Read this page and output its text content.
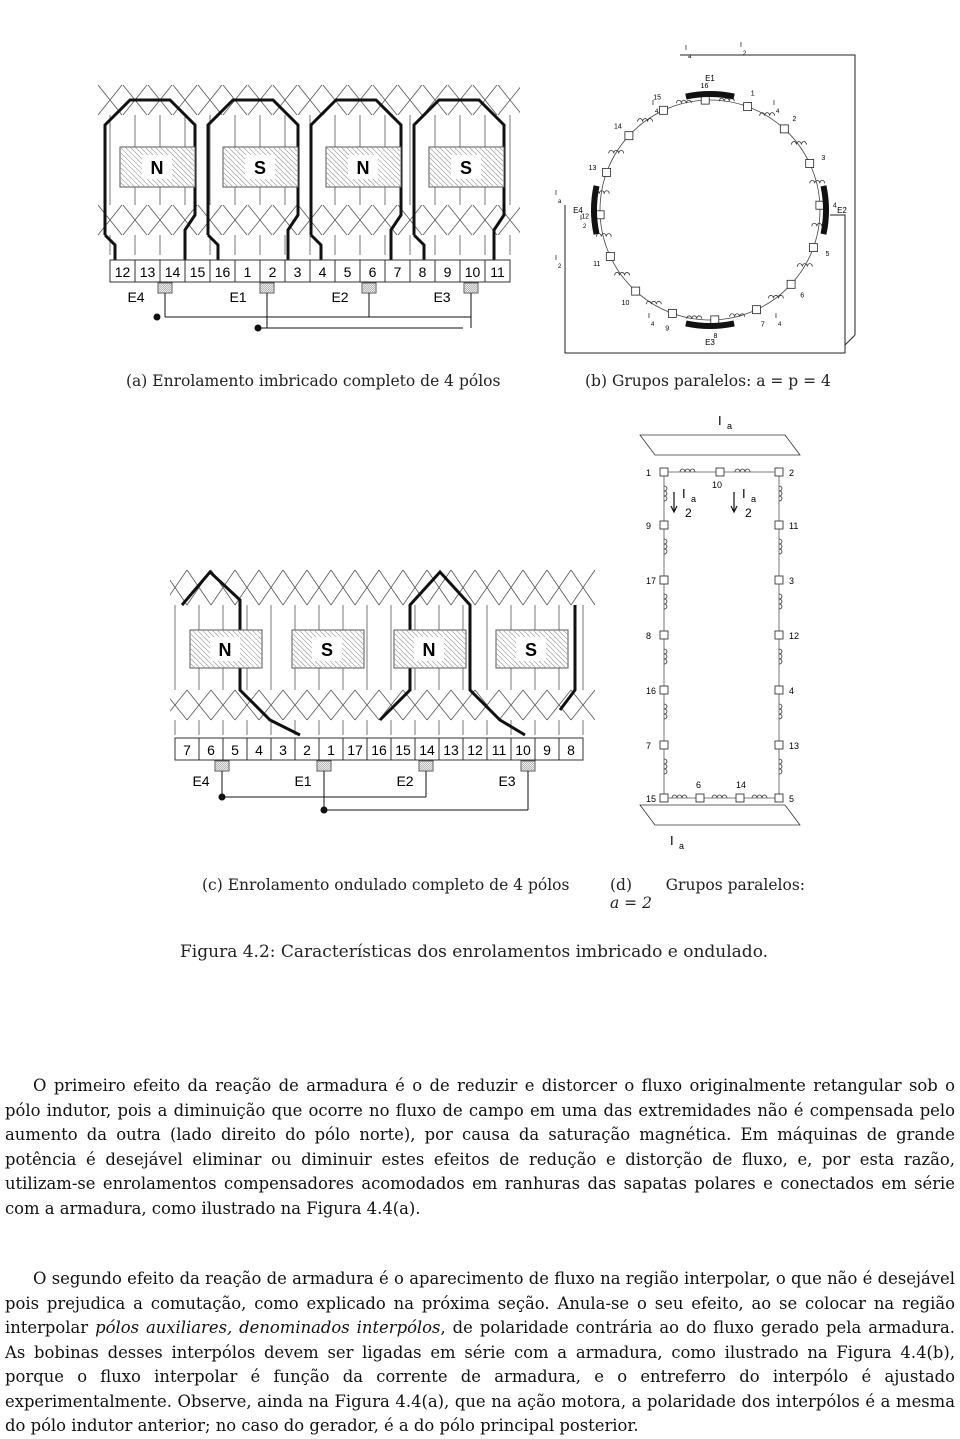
N	S	N	S
12 13 14 15 16 1 2 3 4 5 6 7 8 9 10 11
E4	E1	E2	E3
(a) Enrolamento imbricado completo de 4 pólos
1
2
3
4
5
6
7
8
9
10
11
12
13
14
15
16
E1
E2
E3
E4
I
a
I
2
I
4
I
4
I
a
I
2
I
2
I
4
I
4
(b) Grupos paralelos: a = p = 4
N	S	N	S
7 6 5 4 3 2 1 17 16 15 14 13 12 11 10 9 8
E4	E1	E2	E3
(c) Enrolamento ondulado completo de 4 pólos
I a
I a
1
9
17
8
16
7
15
2
11
3
12
4
13
5
10
6	14
I a
2
I a
2
(d) Grupos paralelos:
a = 2
Figura 4.2: Características dos enrolamentos imbricado e ondulado.

O primeiro efeito da reação de armadura é o de reduzir e distorcer o fluxo originalmente retangular sob o pólo indutor, pois a diminuição que ocorre no fluxo de campo em uma das extremidades não é compensada pelo aumento da outra (lado direito do pólo norte), por causa da saturação magnética. Em máquinas de grande potência é desejável eliminar ou diminuir estes efeitos de redução e distorção de fluxo, e, por esta razão, utilizam-se enrolamentos compensadores acomodados em ranhuras das sapatas polares e conectados em série com a armadura, como ilustrado na Figura 4.4(a).

O segundo efeito da reação de armadura é o aparecimento de fluxo na região interpolar, o que não é desejável pois prejudica a comutação, como explicado na próxima seção. Anula-se o seu efeito, ao se colocar na região interpolar pólos auxiliares, denominados interpólos, de polaridade contrária ao do fluxo gerado pela armadura. As bobinas desses interpólos devem ser ligadas em série com a armadura, como ilustrado na Figura 4.4(b), porque o fluxo interpolar é função da corrente de armadura, e o entreferro do interpólo é ajustado experimentalmente. Observe, ainda na Figura 4.4(a), que na ação motora, a polaridade dos interpólos é a mesma do pólo indutor anterior; no caso do gerador, é a do pólo principal posterior.
